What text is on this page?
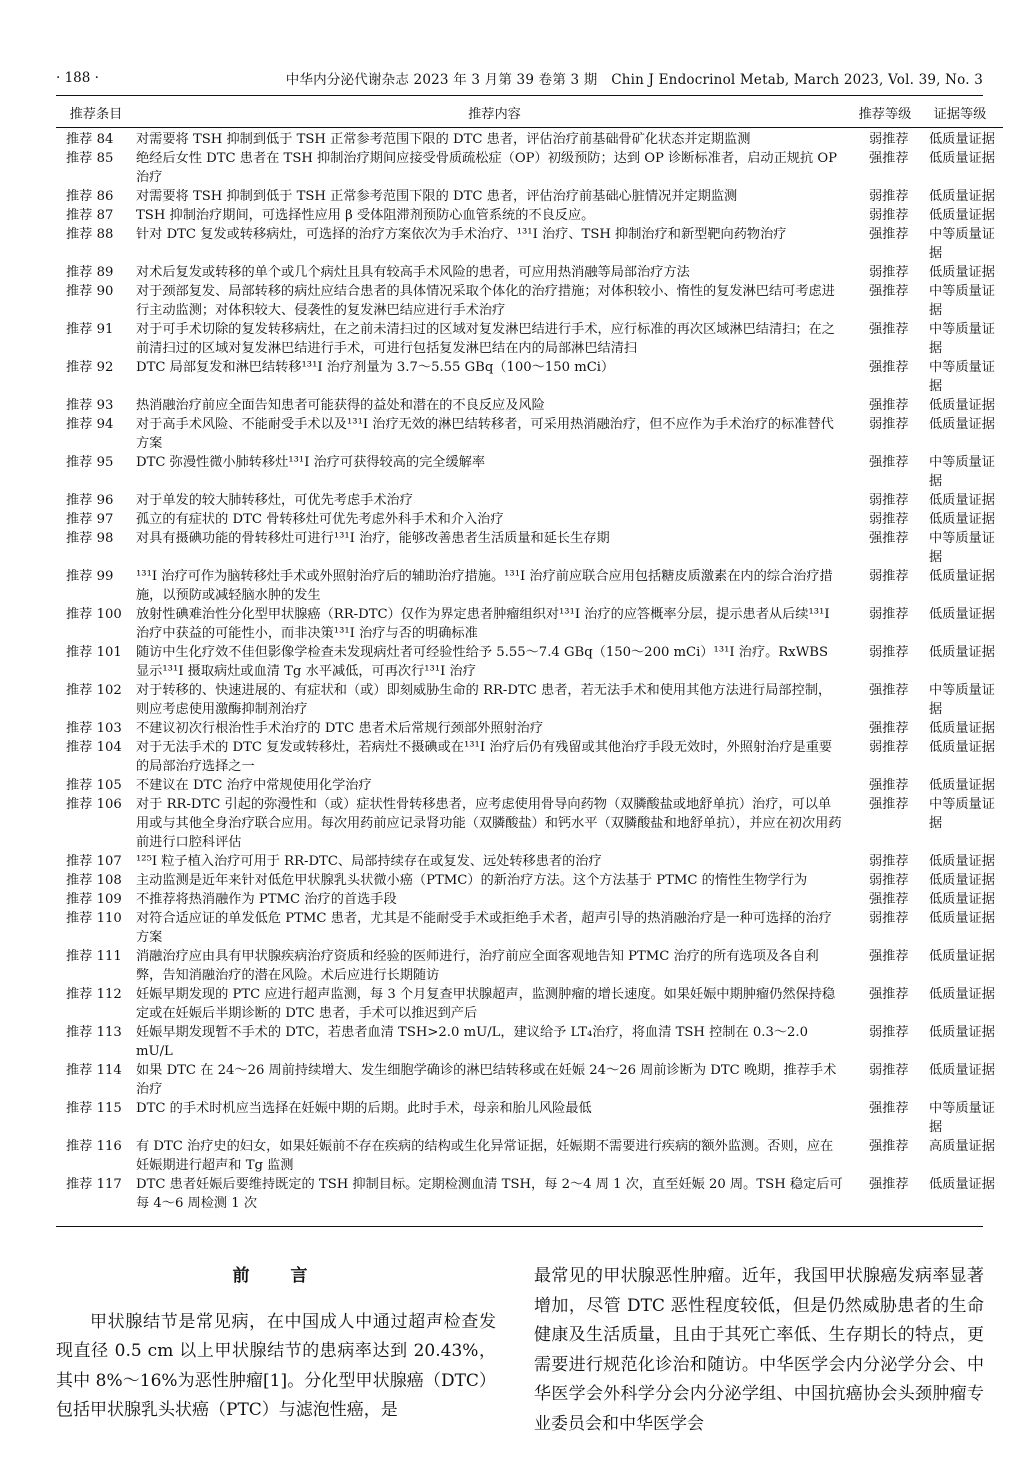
· 188 ·	中华内分泌代谢杂志 2023 年 3 月第 39 卷第 3 期　Chin J Endocrinol Metab, March 2023, Vol. 39, No. 3
推荐条目	推荐内容	推荐等级	证据等级
推荐 84	对需要将 TSH 抑制到低于 TSH 正常参考范围下限的 DTC 患者，评估治疗前基础骨矿化状态并定期监测	弱推荐	低质量证据
推荐 85	绝经后女性 DTC 患者在 TSH 抑制治疗期间应接受骨质疏松症（OP）初级预防；达到 OP 诊断标准者，启动正规抗 OP 治疗	强推荐	低质量证据
推荐 86	对需要将 TSH 抑制到低于 TSH 正常参考范围下限的 DTC 患者，评估治疗前基础心脏情况并定期监测	弱推荐	低质量证据
推荐 87	TSH 抑制治疗期间，可选择性应用 β 受体阻滞剂预防心血管系统的不良反应。	弱推荐	低质量证据
推荐 88	针对 DTC 复发或转移病灶，可选择的治疗方案依次为手术治疗、¹³¹I 治疗、TSH 抑制治疗和新型靶向药物治疗	强推荐	中等质量证据
推荐 89	对术后复发或转移的单个或几个病灶且具有较高手术风险的患者，可应用热消融等局部治疗方法	弱推荐	低质量证据
推荐 90	对于颈部复发、局部转移的病灶应结合患者的具体情况采取个体化的治疗措施；对体积较小、惰性的复发淋巴结可考虑进行主动监测；对体积较大、侵袭性的复发淋巴结应进行手术治疗	强推荐	中等质量证据
推荐 91	对于可手术切除的复发转移病灶，在之前未清扫过的区域对复发淋巴结进行手术，应行标准的再次区域淋巴结清扫；在之前清扫过的区域对复发淋巴结进行手术，可进行包括复发淋巴结在内的局部淋巴结清扫	强推荐	中等质量证据
推荐 92	DTC 局部复发和淋巴结转移¹³¹I 治疗剂量为 3.7～5.55 GBq（100～150 mCi）	强推荐	中等质量证据
推荐 93	热消融治疗前应全面告知患者可能获得的益处和潜在的不良反应及风险	强推荐	低质量证据
推荐 94	对于高手术风险、不能耐受手术以及¹³¹I 治疗无效的淋巴结转移者，可采用热消融治疗，但不应作为手术治疗的标准替代方案	弱推荐	低质量证据
推荐 95	DTC 弥漫性微小肺转移灶¹³¹I 治疗可获得较高的完全缓解率	强推荐	中等质量证据
推荐 96	对于单发的较大肺转移灶，可优先考虑手术治疗	弱推荐	低质量证据
推荐 97	孤立的有症状的 DTC 骨转移灶可优先考虑外科手术和介入治疗	弱推荐	低质量证据
推荐 98	对具有摄碘功能的骨转移灶可进行¹³¹I 治疗，能够改善患者生活质量和延长生存期	强推荐	中等质量证据
推荐 99	¹³¹I 治疗可作为脑转移灶手术或外照射治疗后的辅助治疗措施。¹³¹I 治疗前应联合应用包括糖皮质激素在内的综合治疗措施，以预防或减轻脑水肿的发生	弱推荐	低质量证据
推荐 100	放射性碘难治性分化型甲状腺癌（RR-DTC）仅作为界定患者肿瘤组织对¹³¹I 治疗的应答概率分层，提示患者从后续¹³¹I 治疗中获益的可能性小，而非决策¹³¹I 治疗与否的明确标准	弱推荐	低质量证据
推荐 101	随访中生化疗效不佳但影像学检查未发现病灶者可经验性给予 5.55～7.4 GBq（150～200 mCi）¹³¹I 治疗。RxWBS 显示¹³¹I 摄取病灶或血清 Tg 水平减低，可再次行¹³¹I 治疗	弱推荐	低质量证据
推荐 102	对于转移的、快速进展的、有症状和（或）即刻威胁生命的 RR-DTC 患者，若无法手术和使用其他方法进行局部控制，则应考虑使用激酶抑制剂治疗	强推荐	中等质量证据
推荐 103	不建议初次行根治性手术治疗的 DTC 患者术后常规行颈部外照射治疗	强推荐	低质量证据
推荐 104	对于无法手术的 DTC 复发或转移灶，若病灶不摄碘或在¹³¹I 治疗后仍有残留或其他治疗手段无效时，外照射治疗是重要的局部治疗选择之一	弱推荐	低质量证据
推荐 105	不建议在 DTC 治疗中常规使用化学治疗	强推荐	低质量证据
推荐 106	对于 RR-DTC 引起的弥漫性和（或）症状性骨转移患者，应考虑使用骨导向药物（双膦酸盐或地舒单抗）治疗，可以单用或与其他全身治疗联合应用。每次用药前应记录肾功能（双膦酸盐）和钙水平（双膦酸盐和地舒单抗），并应在初次用药前进行口腔科评估	强推荐	中等质量证据
推荐 107	¹²⁵I 粒子植入治疗可用于 RR-DTC、局部持续存在或复发、远处转移患者的治疗	弱推荐	低质量证据
推荐 108	主动监测是近年来针对低危甲状腺乳头状微小癌（PTMC）的新治疗方法。这个方法基于 PTMC 的惰性生物学行为	弱推荐	低质量证据
推荐 109	不推荐将热消融作为 PTMC 治疗的首选手段	强推荐	低质量证据
推荐 110	对符合适应证的单发低危 PTMC 患者，尤其是不能耐受手术或拒绝手术者，超声引导的热消融治疗是一种可选择的治疗方案	弱推荐	低质量证据
推荐 111	消融治疗应由具有甲状腺疾病治疗资质和经验的医师进行，治疗前应全面客观地告知 PTMC 治疗的所有选项及各自利弊，告知消融治疗的潜在风险。术后应进行长期随访	强推荐	低质量证据
推荐 112	妊娠早期发现的 PTC 应进行超声监测，每 3 个月复查甲状腺超声，监测肿瘤的增长速度。如果妊娠中期肿瘤仍然保持稳定或在妊娠后半期诊断的 DTC 患者，手术可以推迟到产后	强推荐	低质量证据
推荐 113	妊娠早期发现暂不手术的 DTC，若患者血清 TSH>2.0 mU/L，建议给予 LT₄治疗，将血清 TSH 控制在 0.3～2.0 mU/L	弱推荐	低质量证据
推荐 114	如果 DTC 在 24～26 周前持续增大、发生细胞学确诊的淋巴结转移或在妊娠 24～26 周前诊断为 DTC 晚期，推荐手术治疗	弱推荐	低质量证据
推荐 115	DTC 的手术时机应当选择在妊娠中期的后期。此时手术，母亲和胎儿风险最低	强推荐	中等质量证据
推荐 116	有 DTC 治疗史的妇女，如果妊娠前不存在疾病的结构或生化异常证据，妊娠期不需要进行疾病的额外监测。否则，应在妊娠期进行超声和 Tg 监测	强推荐	高质量证据
推荐 117	DTC 患者妊娠后要维持既定的 TSH 抑制目标。定期检测血清 TSH，每 2～4 周 1 次，直至妊娠 20 周。TSH 稳定后可每 4～6 周检测 1 次	强推荐	低质量证据
前　言

甲状腺结节是常见病，在中国成人中通过超声检查发现直径 0.5 cm 以上甲状腺结节的患病率达到 20.43%，其中 8%～16%为恶性肿瘤[1]。分化型甲状腺癌（DTC）包括甲状腺乳头状癌（PTC）与滤泡性癌，是

最常见的甲状腺恶性肿瘤。近年，我国甲状腺癌发病率显著增加，尽管 DTC 恶性程度较低，但是仍然威胁患者的生命健康及生活质量，且由于其死亡率低、生存期长的特点，更需要进行规范化诊治和随访。中华医学会内分泌学分会、中华医学会外科学分会内分泌学组、中国抗癌协会头颈肿瘤专业委员会和中华医学会
